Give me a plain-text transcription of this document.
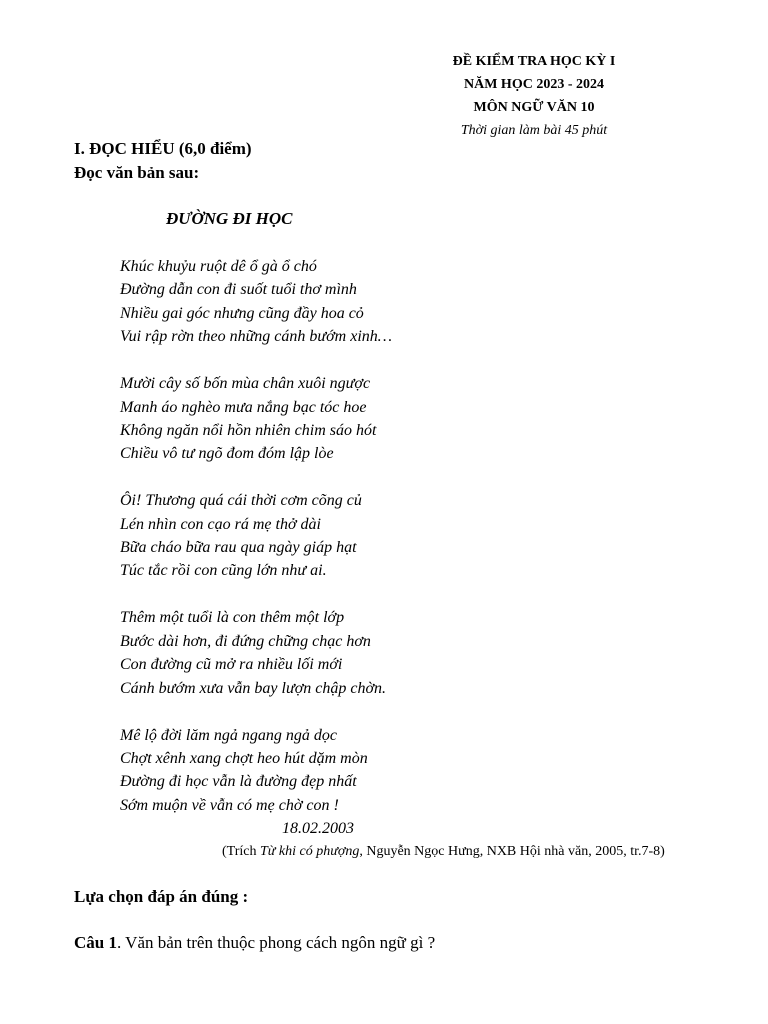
ĐỀ KIỂM TRA HỌC KỲ I
NĂM HỌC 2023 - 2024
MÔN NGỮ VĂN 10
Thời gian làm bài 45 phút
I. ĐỌC HIỂU (6,0 điểm)
Đọc văn bản sau:
ĐƯỜNG ĐI HỌC
Khúc khuỷu ruột dê ổ gà ổ chó
Đường dẫn con đi suốt tuổi thơ mình
Nhiều gai góc nhưng cũng đầy hoa cỏ
Vui rập rờn theo những cánh bướm xinh…
Mười cây số bốn mùa chân xuôi ngược
Manh áo nghèo mưa nắng bạc tóc hoe
Không ngăn nổi hồn nhiên chim sáo hót
Chiều vô tư ngõ đom đóm lập lòe
Ôi! Thương quá cái thời cơm cõng củ
Lén nhìn con cạo rá mẹ thở dài
Bữa cháo bữa rau qua ngày giáp hạt
Túc tắc rồi con cũng lớn như ai.
Thêm một tuổi là con thêm một lớp
Bước dài hơn, đi đứng chững chạc hơn
Con đường cũ mở ra nhiều lối mới
Cánh bướm xưa vẫn bay lượn chập chờn.
Mê lộ đời lăm ngả ngang ngả dọc
Chợt xênh xang chợt heo hút dặm mòn
Đường đi học vẫn là đường đẹp nhất
Sớm muộn về vẫn có mẹ chờ con !
18.02.2003
(Trích Từ khi có phượng, Nguyễn Ngọc Hưng, NXB Hội nhà văn, 2005, tr.7-8)
Lựa chọn đáp án đúng :
Câu 1. Văn bản trên thuộc phong cách ngôn ngữ gì ?
